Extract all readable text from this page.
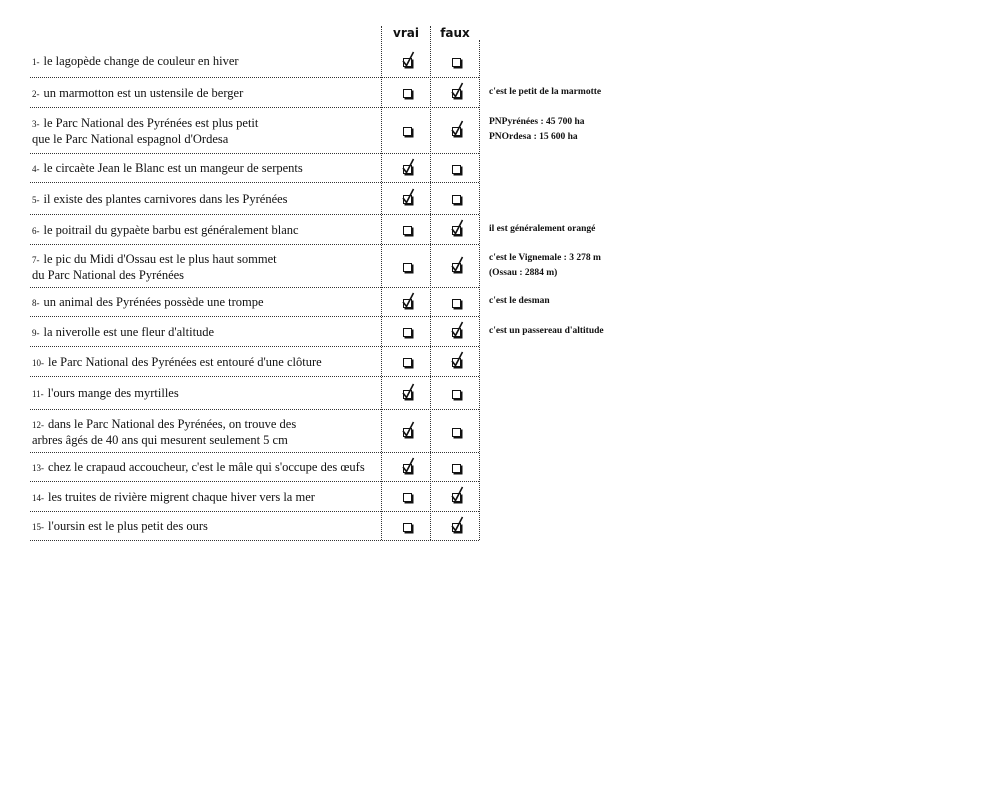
vrai	faux
1- le lagopède change de couleur en hiver
2- un marmotton est un ustensile de berger
3- le Parc National des Pyrénées est plus petit
que le Parc National espagnol d'Ordesa
4- le circaète Jean le Blanc est un mangeur de serpents
5- il existe des plantes carnivores dans les Pyrénées
6- le poitrail du gypaète barbu est généralement blanc
7- le pic du Midi d'Ossau est le plus haut sommet
du Parc National des Pyrénées
8- un animal des Pyrénées possède une trompe
9- la niverolle est une fleur d'altitude
10- le Parc National des Pyrénées est entouré d'une clôture
11- l'ours mange des myrtilles
12- dans le Parc National des Pyrénées, on trouve des
arbres âgés de 40 ans qui mesurent seulement 5 cm
13- chez le crapaud accoucheur, c'est le mâle qui s'occupe des œufs
14- les truites de rivière migrent chaque hiver vers la mer
15- l'oursin est le plus petit des ours
c'est le petit de la marmotte
PNPyrénées : 45 700 ha
PNOrdesa : 15 600 ha
il est généralement orangé
c'est le Vignemale : 3 278 m
(Ossau : 2884 m)
c'est le desman
c'est un passereau d'altitude
